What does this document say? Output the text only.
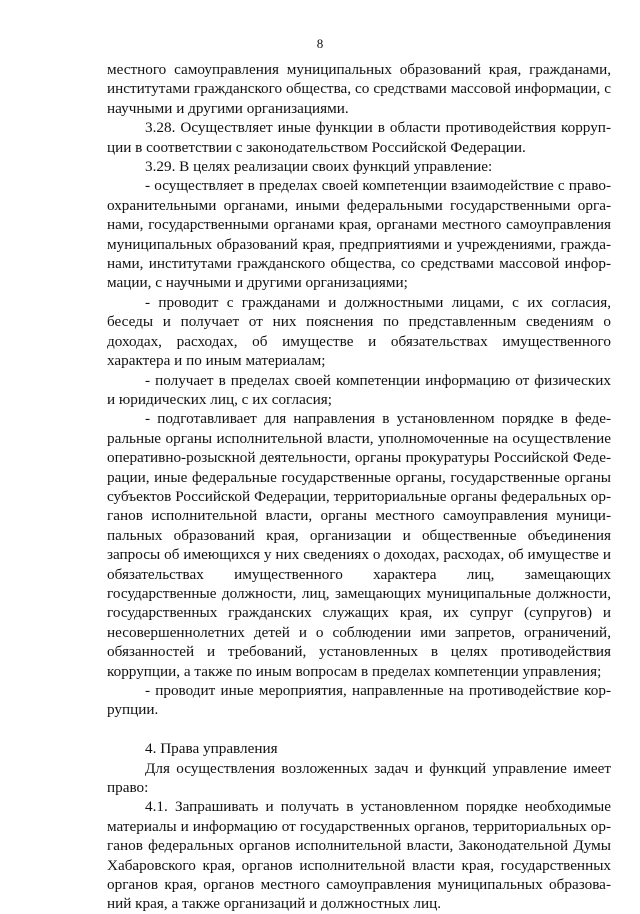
8

местного самоуправления муниципальных образований края, гражданами, институтами гражданского общества, со средствами массовой информации, с научными и другими организациями.

3.28. Осуществляет иные функции в области противодействия коррупции в соответствии с законодательством Российской Федерации.

3.29. В целях реализации своих функций управление:

- осуществляет в пределах своей компетенции взаимодействие с правоохранительными органами, иными федеральными государственными органами, государственными органами края, органами местного самоуправления муниципальных образований края, предприятиями и учреждениями, гражданами, институтами гражданского общества, со средствами массовой информации, с научными и другими организациями;

- проводит с гражданами и должностными лицами, с их согласия, беседы и получает от них пояснения по представленным сведениям о доходах, расходах, об имуществе и обязательствах имущественного характера и по иным материалам;

- получает в пределах своей компетенции информацию от физических и юридических лиц, с их согласия;

- подготавливает для направления в установленном порядке в федеральные органы исполнительной власти, уполномоченные на осуществление оперативно-розыскной деятельности, органы прокуратуры Российской Федерации, иные федеральные государственные органы, государственные органы субъектов Российской Федерации, территориальные органы федеральных органов исполнительной власти, органы местного самоуправления муниципальных образований края, организации и общественные объединения запросы об имеющихся у них сведениях о доходах, расходах, об имуществе и обязательствах имущественного характера лиц, замещающих государственные должности, лиц, замещающих муниципальные должности, государственных гражданских служащих края, их супруг (супругов) и несовершеннолетних детей и о соблюдении ими запретов, ограничений, обязанностей и требований, установленных в целях противодействия коррупции, а также по иным вопросам в пределах компетенции управления;

- проводит иные мероприятия, направленные на противодействие коррупции.

4. Права управления

Для осуществления возложенных задач и функций управление имеет право:

4.1. Запрашивать и получать в установленном порядке необходимые материалы и информацию от государственных органов, территориальных органов федеральных органов исполнительной власти, Законодательной Думы Хабаровского края, органов исполнительной власти края, государственных органов края, органов местного самоуправления муниципальных образований края, а также организаций и должностных лиц.
